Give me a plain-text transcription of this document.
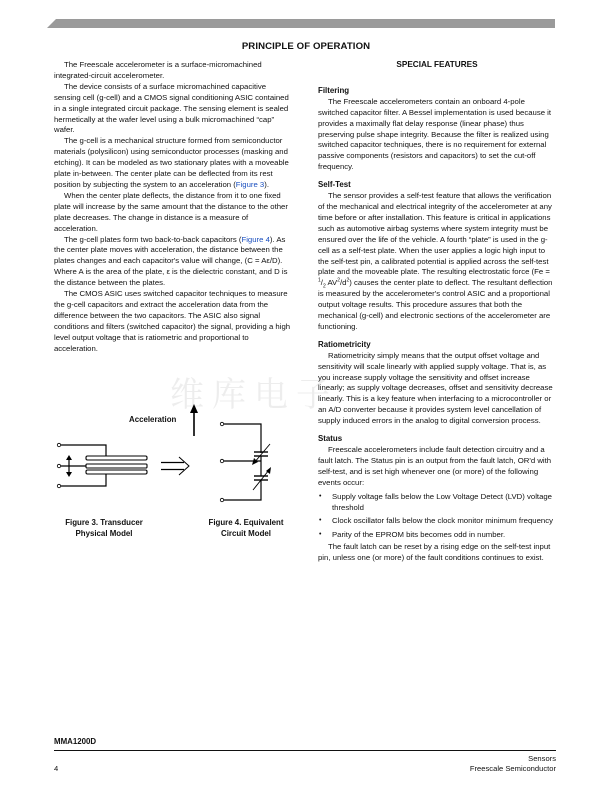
PRINCIPLE OF OPERATION

The Freescale accelerometer is a surface-micromachined integrated-circuit accelerometer.

The device consists of a surface micromachined capacitive sensing cell (g-cell) and a CMOS signal conditioning ASIC contained in a single integrated circuit package. The sensing element is sealed hermetically at the wafer level using a bulk micromachined “cap” wafer.

The g-cell is a mechanical structure formed from semiconductor materials (polysilicon) using semiconductor processes (masking and etching). It can be modeled as two stationary plates with a moveable plate in-between. The center plate can be deflected from its rest position by subjecting the system to an acceleration (Figure 3).

When the center plate deflects, the distance from it to one fixed plate will increase by the same amount that the distance to the other plate decreases. The change in distance is a measure of acceleration.

The g-cell plates form two back-to-back capacitors (Figure 4). As the center plate moves with acceleration, the distance between the plates changes and each capacitor's value will change, (C = Aε/D). Where A is the area of the plate, ε is the dielectric constant, and D is the distance between the plates.

The CMOS ASIC uses switched capacitor techniques to measure the g-cell capacitors and extract the acceleration data from the difference between the two capacitors. The ASIC also signal conditions and filters (switched capacitor) the signal, providing a high level output voltage that is ratiometric and proportional to acceleration.

维库电子
Acceleration
Figure 3. Transducer
Physical Model
Figure 4. Equivalent
Circuit Model
SPECIAL FEATURES
Filtering

The Freescale accelerometers contain an onboard 4-pole switched capacitor filter. A Bessel implementation is used because it provides a maximally flat delay response (linear phase) thus preserving pulse shape integrity. Because the filter is realized using switched capacitor techniques, there is no requirement for external passive components (resistors and capacitors) to set the cut-off frequency.

Self-Test

The sensor provides a self-test feature that allows the verification of the mechanical and electrical integrity of the accelerometer at any time before or after installation. This feature is critical in applications such as automotive airbag systems where system integrity must be ensured over the life of the vehicle. A fourth “plate” is used in the g-cell as a self-test plate. When the user applies a logic high input to the self-test pin, a calibrated potential is applied across the self-test plate and the moveable plate. The resulting electrostatic force ($Fe = ^1/_2$ $AV^2/d^2$) causes the center plate to deflect. The resultant deflection is measured by the accelerometer's control ASIC and a proportional output voltage results. This procedure assures that both the mechanical (g-cell) and electronic sections of the accelerometer are functioning.

Ratiometricity

Ratiometricity simply means that the output offset voltage and sensitivity will scale linearly with applied supply voltage. That is, as you increase supply voltage the sensitivity and offset increase linearly; as supply voltage decreases, offset and sensitivity decrease linearly. This is a key feature when interfacing to a microcontroller or an A/D converter because it provides system level cancellation of supply induced errors in the analog to digital conversion process.

Status

Freescale accelerometers include fault detection circuitry and a fault latch. The Status pin is an output from the fault latch, OR'd with self-test, and is set high whenever one (or more) of the following events occur:

• Supply voltage falls below the Low Voltage Detect (LVD) voltage threshold
• Clock oscillator falls below the clock monitor minimum frequency
• Parity of the EPROM bits becomes odd in number.

The fault latch can be reset by a rising edge on the self-test input pin, unless one (or more) of the fault conditions continues to exist.

MMA1200D
4
Sensors
Freescale Semiconductor
